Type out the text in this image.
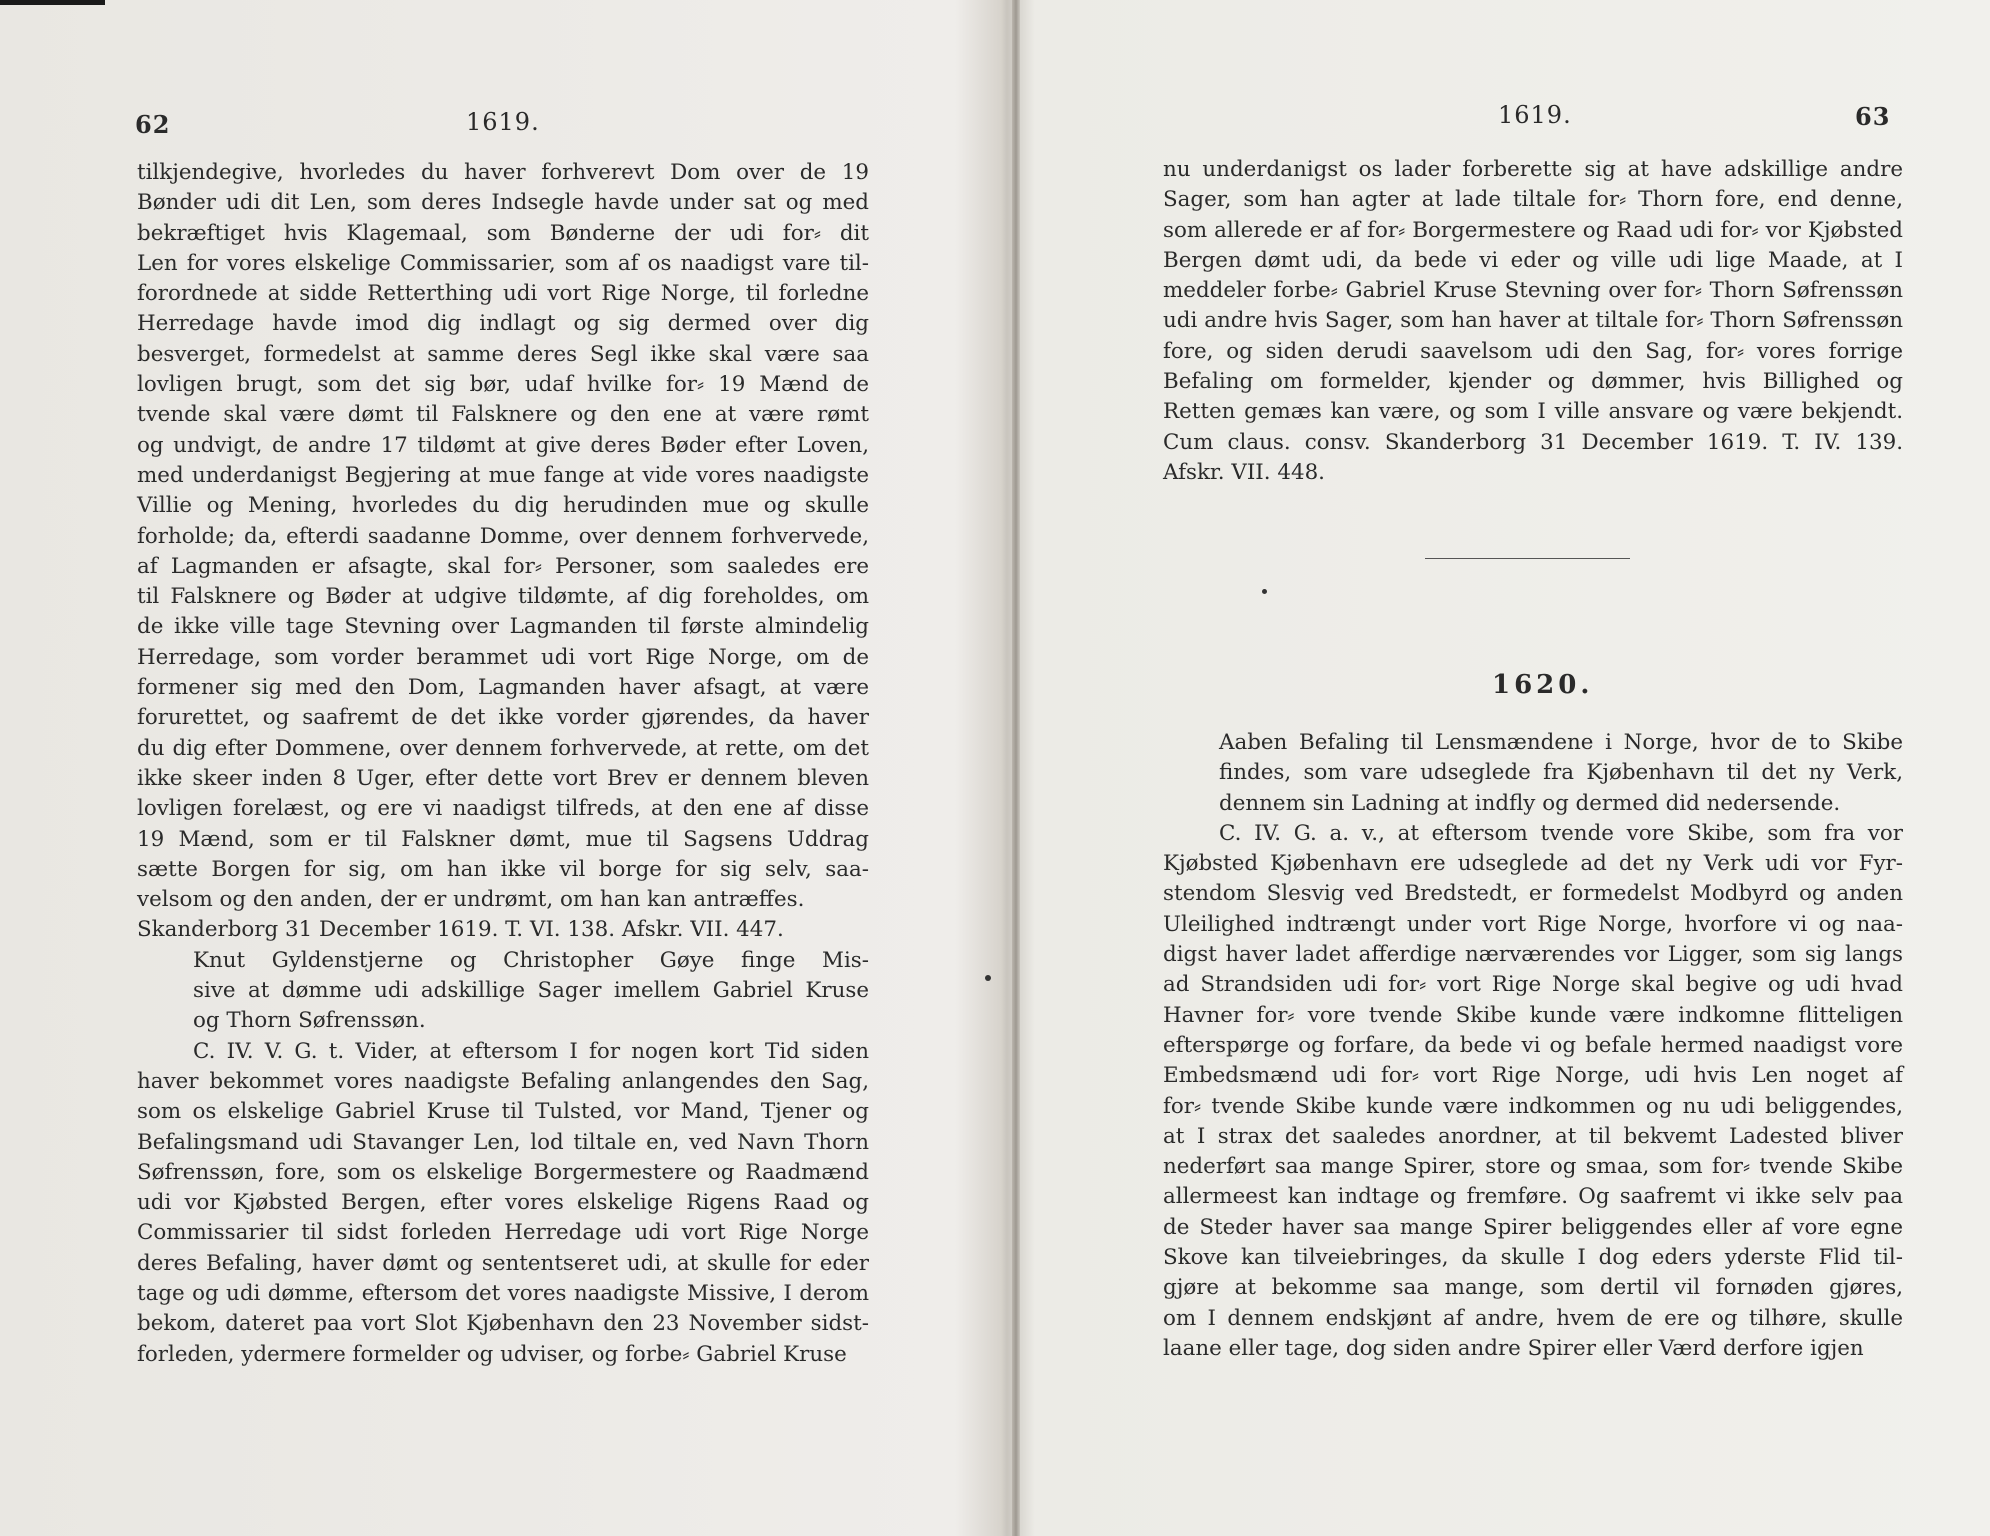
62	1619.
tilkjendegive, hvorledes du haver forhverevt Dom over de 19
Bønder udi dit Len, som deres Indsegle havde under sat og med
bekræftiget hvis Klagemaal, som Bønderne der udi for⸗ dit
Len for vores elskelige Commissarier, som af os naadigst vare til-
forordnede at sidde Retterthing udi vort Rige Norge, til forledne
Herredage havde imod dig indlagt og sig dermed over dig
besverget, formedelst at samme deres Segl ikke skal være saa
lovligen brugt, som det sig bør, udaf hvilke for⸗ 19 Mænd de
tvende skal være dømt til Falsknere og den ene at være rømt
og undvigt, de andre 17 tildømt at give deres Bøder efter Loven,
med underdanigst Begjering at mue fange at vide vores naadigste
Villie og Mening, hvorledes du dig herudinden mue og skulle
forholde; da, efterdi saadanne Domme, over dennem forhvervede,
af Lagmanden er afsagte, skal for⸗ Personer, som saaledes ere
til Falsknere og Bøder at udgive tildømte, af dig foreholdes, om
de ikke ville tage Stevning over Lagmanden til første almindelig
Herredage, som vorder berammet udi vort Rige Norge, om de
formener sig med den Dom, Lagmanden haver afsagt, at være
forurettet, og saafremt de det ikke vorder gjørendes, da haver
du dig efter Dommene, over dennem forhvervede, at rette, om det
ikke skeer inden 8 Uger, efter dette vort Brev er dennem bleven
lovligen forelæst, og ere vi naadigst tilfreds, at den ene af disse
19 Mænd, som er til Falskner dømt, mue til Sagsens Uddrag
sætte Borgen for sig, om han ikke vil borge for sig selv, saa-
velsom og den anden, der er undrømt, om han kan antræffes.
Skanderborg 31 December 1619. T. VI. 138. Afskr. VII. 447.
Knut Gyldenstjerne og Christopher Gøye finge Mis-
sive at dømme udi adskillige Sager imellem Gabriel Kruse
og Thorn Søfrenssøn.
C. IV. V. G. t. Vider, at eftersom I for nogen kort Tid siden
haver bekommet vores naadigste Befaling anlangendes den Sag,
som os elskelige Gabriel Kruse til Tulsted, vor Mand, Tjener og
Befalingsmand udi Stavanger Len, lod tiltale en, ved Navn Thorn
Søfrenssøn, fore, som os elskelige Borgermestere og Raadmænd
udi vor Kjøbsted Bergen, efter vores elskelige Rigens Raad og
Commissarier til sidst forleden Herredage udi vort Rige Norge
deres Befaling, haver dømt og sententseret udi, at skulle for eder
tage og udi dømme, eftersom det vores naadigste Missive, I derom
bekom, dateret paa vort Slot Kjøbenhavn den 23 November sidst-
forleden, ydermere formelder og udviser, og forbe⸗ Gabriel Kruse
1619.	63
nu underdanigst os lader forberette sig at have adskillige andre
Sager, som han agter at lade tiltale for⸗ Thorn fore, end denne,
som allerede er af for⸗ Borgermestere og Raad udi for⸗ vor Kjøbsted
Bergen dømt udi, da bede vi eder og ville udi lige Maade, at I
meddeler forbe⸗ Gabriel Kruse Stevning over for⸗ Thorn Søfrenssøn
udi andre hvis Sager, som han haver at tiltale for⸗ Thorn Søfrenssøn
fore, og siden derudi saavelsom udi den Sag, for⸗ vores forrige
Befaling om formelder, kjender og dømmer, hvis Billighed og
Retten gemæs kan være, og som I ville ansvare og være bekjendt.
Cum claus. consv. Skanderborg 31 December 1619. T. IV. 139.
Afskr. VII. 448.
1620.
Aaben Befaling til Lensmændene i Norge, hvor de to Skibe
findes, som vare udseglede fra Kjøbenhavn til det ny Verk,
dennem sin Ladning at indfly og dermed did nedersende.
C. IV. G. a. v., at eftersom tvende vore Skibe, som fra vor
Kjøbsted Kjøbenhavn ere udseglede ad det ny Verk udi vor Fyr-
stendom Slesvig ved Bredstedt, er formedelst Modbyrd og anden
Uleilighed indtrængt under vort Rige Norge, hvorfore vi og naa-
digst haver ladet afferdige nærværendes vor Ligger, som sig langs
ad Strandsiden udi for⸗ vort Rige Norge skal begive og udi hvad
Havner for⸗ vore tvende Skibe kunde være indkomne flitteligen
efterspørge og forfare, da bede vi og befale hermed naadigst vore
Embedsmænd udi for⸗ vort Rige Norge, udi hvis Len noget af
for⸗ tvende Skibe kunde være indkommen og nu udi beliggendes,
at I strax det saaledes anordner, at til bekvemt Ladested bliver
nederført saa mange Spirer, store og smaa, som for⸗ tvende Skibe
allermeest kan indtage og fremføre. Og saafremt vi ikke selv paa
de Steder haver saa mange Spirer beliggendes eller af vore egne
Skove kan tilveiebringes, da skulle I dog eders yderste Flid til-
gjøre at bekomme saa mange, som dertil vil fornøden gjøres,
om I dennem endskjønt af andre, hvem de ere og tilhøre, skulle
laane eller tage, dog siden andre Spirer eller Værd derfore igjen
